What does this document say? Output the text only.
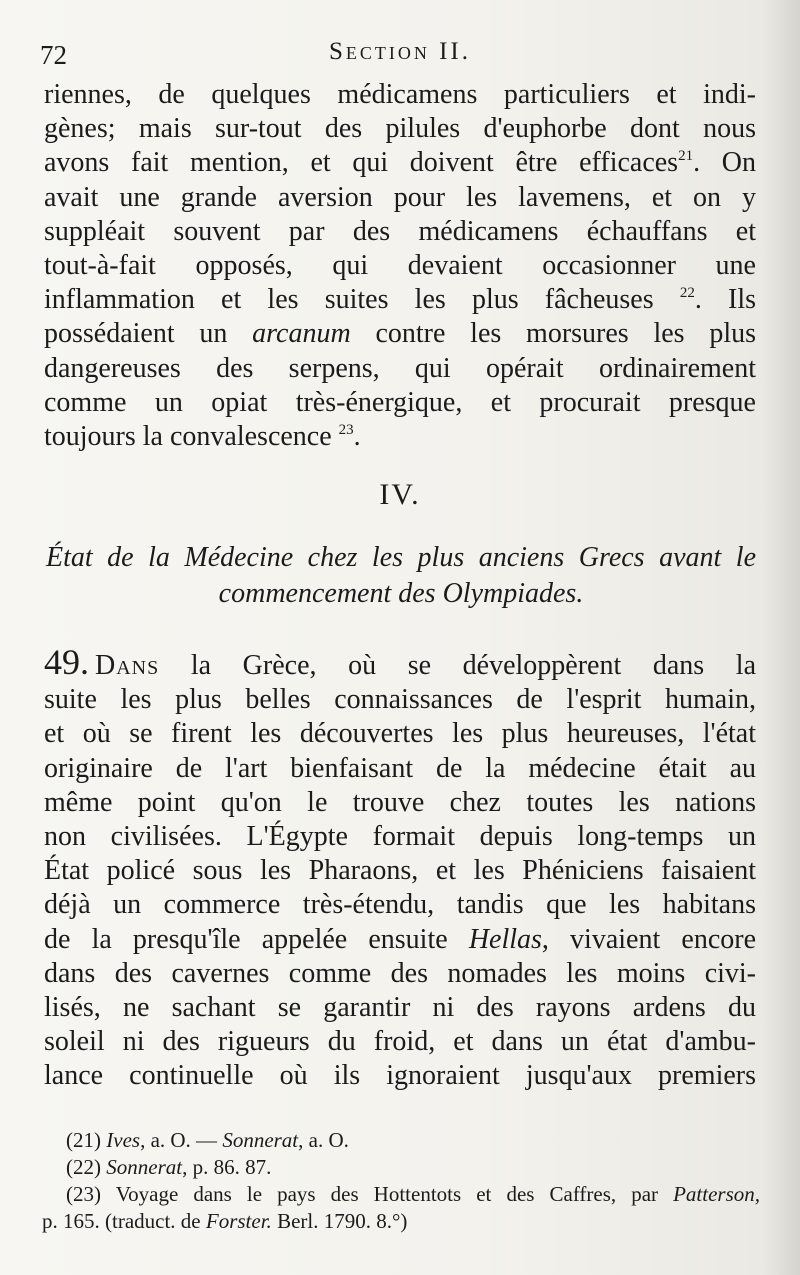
72	Section II.
riennes, de quelques médicamens particuliers et indi-
gènes; mais sur-tout des pilules d'euphorbe dont nous
avons fait mention, et qui doivent être efficaces$^{21}$. On
avait une grande aversion pour les lavemens, et on y
suppléait souvent par des médicamens échauffans et
tout-à-fait opposés, qui devaient occasionner une
inflammation et les suites les plus fâcheuses $^{22}$. Ils
possédaient un arcanum contre les morsures les plus
dangereuses des serpens, qui opérait ordinairement
comme un opiat très-énergique, et procurait presque
toujours la convalescence $^{23}$.
IV.
État de la Médecine chez les plus anciens Grecs avant le
commencement des Olympiades.
49. Dans la Grèce, où se développèrent dans la
suite les plus belles connaissances de l'esprit humain,
et où se firent les découvertes les plus heureuses, l'état
originaire de l'art bienfaisant de la médecine était au
même point qu'on le trouve chez toutes les nations
non civilisées. L'Égypte formait depuis long-temps un
État policé sous les Pharaons, et les Phéniciens faisaient
déjà un commerce très-étendu, tandis que les habitans
de la presqu'île appelée ensuite Hellas, vivaient encore
dans des cavernes comme des nomades les moins civi-
lisés, ne sachant se garantir ni des rayons ardens du
soleil ni des rigueurs du froid, et dans un état d'ambu-
lance continuelle où ils ignoraient jusqu'aux premiers
(21) Ives, a. O. — Sonnerat, a. O.
(22) Sonnerat, p. 86. 87.
(23) Voyage dans le pays des Hottentots et des Caffres, par Patterson,
p. 165. (traduct. de Forster. Berl. 1790. 8.°)
